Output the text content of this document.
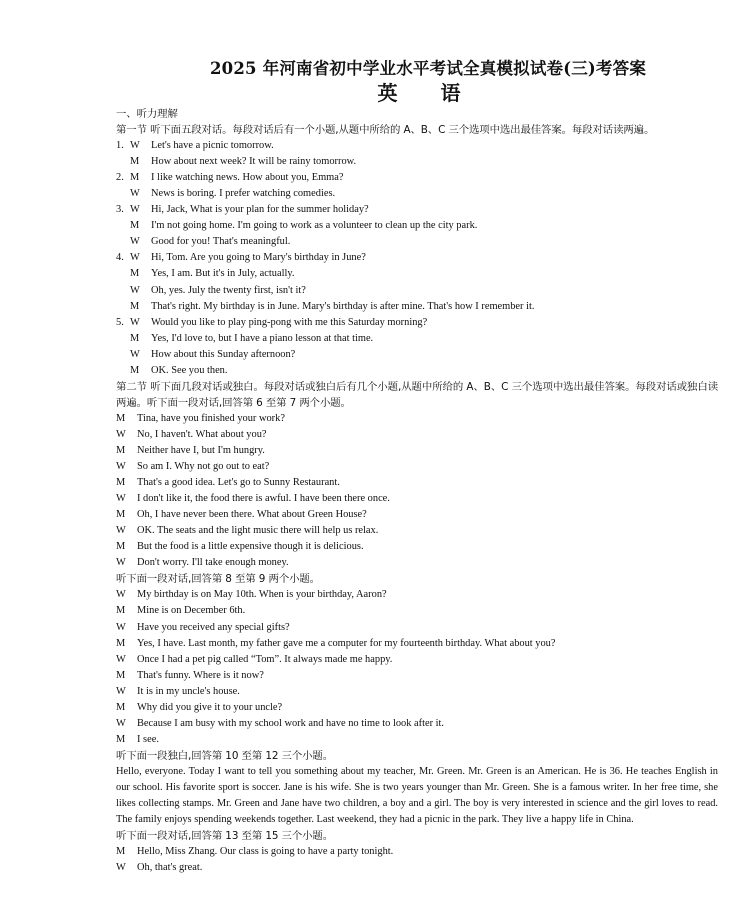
2025 年河南省初中学业水平考试全真模拟试卷(三)考答案
英 语
一、听力理解
第一节 听下面五段对话。每段对话后有一个小题,从题中所给的 A、B、C 三个选项中选出最佳答案。每段对话读两遍。
1. W Let's have a picnic tomorrow.
M How about next week? It will be rainy tomorrow.
2. M I like watching news. How about you, Emma?
W News is boring. I prefer watching comedies.
3. W Hi, Jack, What is your plan for the summer holiday?
M I'm not going home. I'm going to work as a volunteer to clean up the city park.
W Good for you! That's meaningful.
4. W Hi, Tom. Are you going to Mary's birthday in June?
M Yes, I am. But it's in July, actually.
W Oh, yes. July the twenty first, isn't it?
M That's right. My birthday is in June. Mary's birthday is after mine. That's how I remember it.
5. W Would you like to play ping-pong with me this Saturday morning?
M Yes, I'd love to, but I have a piano lesson at that time.
W How about this Sunday afternoon?
M OK. See you then.
第二节 听下面几段对话或独白。每段对话或独白后有几个小题,从题中所给的 A、B、C 三个选项中选出最佳答案。每段对话或独白读两遍。听下面一段对话,回答第 6 至第 7 两个小题。
M Tina, have you finished your work?
W No, I haven't. What about you?
M Neither have I, but I'm hungry.
W So am I. Why not go out to eat?
M That's a good idea. Let's go to Sunny Restaurant.
W I don't like it, the food there is awful. I have been there once.
M Oh, I have never been there. What about Green House?
W OK. The seats and the light music there will help us relax.
M But the food is a little expensive though it is delicious.
W Don't worry. I'll take enough money.
听下面一段对话,回答第 8 至第 9 两个小题。
W My birthday is on May 10th. When is your birthday, Aaron?
M Mine is on December 6th.
W Have you received any special gifts?
M Yes, I have. Last month, my father gave me a computer for my fourteenth birthday. What about you?
W Once I had a pet pig called “Tom”. It always made me happy.
M That's funny. Where is it now?
W It is in my uncle's house.
M Why did you give it to your uncle?
W Because I am busy with my school work and have no time to look after it.
M I see.
听下面一段独白,回答第 10 至第 12 三个小题。
Hello, everyone. Today I want to tell you something about my teacher, Mr. Green. Mr. Green is an American. He is 36. He teaches English in our school. His favorite sport is soccer. Jane is his wife. She is two years younger than Mr. Green. She is a famous writer. In her free time, she likes collecting stamps. Mr. Green and Jane have two children, a boy and a girl. The boy is very interested in science and the girl loves to read. The family enjoys spending weekends together. Last weekend, they had a picnic in the park. They live a happy life in China.
听下面一段对话,回答第 13 至第 15 三个小题。
M Hello, Miss Zhang. Our class is going to have a party tonight.
W Oh, that's great.
